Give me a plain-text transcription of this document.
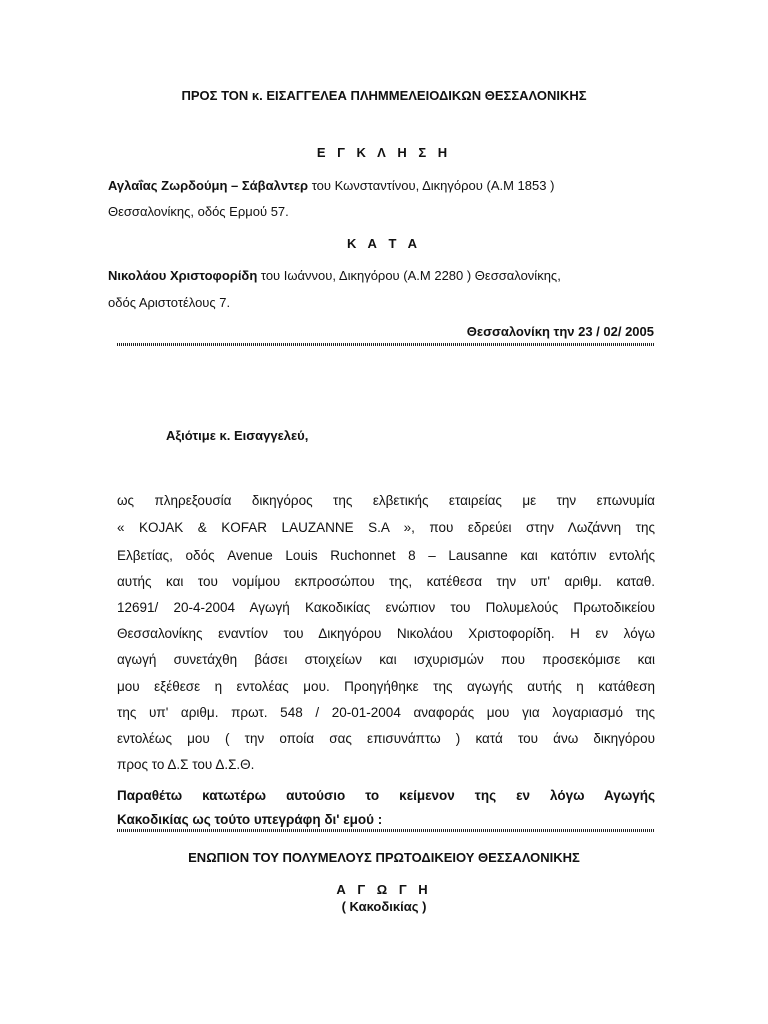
ΠΡΟΣ ΤΟΝ κ. ΕΙΣΑΓΓΕΛΕΑ ΠΛΗΜΜΕΛΕΙΟΔΙΚΩΝ ΘΕΣΣΑΛΟΝΙΚΗΣ
Ε Γ Κ Λ Η Σ Η
Αγλαΐας Ζωρδούμη – Σάβαλντερ του Κωνσταντίνου, Δικηγόρου (Α.Μ 1853 )
Θεσσαλονίκης, οδός Ερμού 57.
Κ Α Τ Α
Νικολάου Χριστοφορίδη του Ιωάννου, Δικηγόρου (Α.Μ 2280 ) Θεσσαλονίκης,
οδός Αριστοτέλους 7.
Θεσσαλονίκη την 23 / 02/ 2005
Αξιότιμε κ. Εισαγγελεύ,
ως πληρεξουσία δικηγόρος της ελβετικής εταιρείας με την επωνυμία
« KOJAK & KOFAR LAUZANNE S.A », που εδρεύει στην Λωζάννη της
Ελβετίας, οδός Avenue Louis Ruchonnet 8 – Lausanne και κατόπιν εντολής
αυτής και του νομίμου εκπροσώπου της, κατέθεσα την υπ' αριθμ. καταθ.
12691/ 20-4-2004 Αγωγή Κακοδικίας ενώπιον του Πολυμελούς Πρωτοδικείου
Θεσσαλονίκης εναντίον του Δικηγόρου Νικολάου Χριστοφορίδη. Η εν λόγω
αγωγή συνετάχθη βάσει στοιχείων και ισχυρισμών που προσεκόμισε και
μου εξέθεσε η εντολέας μου. Προηγήθηκε της αγωγής αυτής η κατάθεση
της υπ' αριθμ. πρωτ. 548 / 20-01-2004 αναφοράς μου για λογαριασμό της
εντολέως μου ( την οποία σας επισυνάπτω ) κατά του άνω δικηγόρου
προς το Δ.Σ του Δ.Σ.Θ.
Παραθέτω κατωτέρω αυτούσιο το κείμενον της εν λόγω Αγωγής
Κακοδικίας ως τούτο υπεγράφη δι' εμού :
ΕΝΩΠΙΟΝ ΤΟΥ ΠΟΛΥΜΕΛΟΥΣ ΠΡΩΤΟΔΙΚΕΙΟΥ ΘΕΣΣΑΛΟΝΙΚΗΣ
Α Γ Ω Γ Η
( Κακοδικίας )
